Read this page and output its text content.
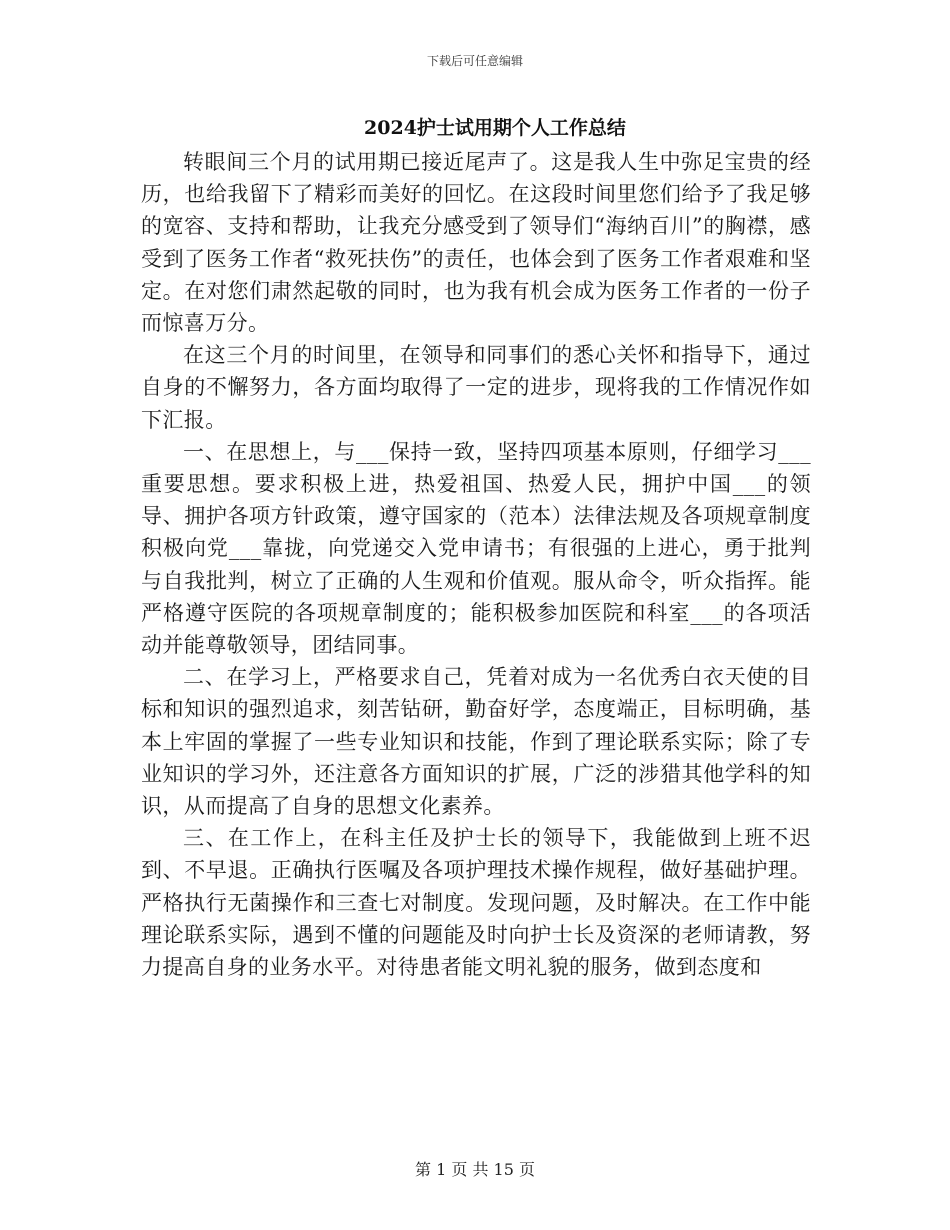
下载后可任意编辑
2024护士试用期个人工作总结

转眼间三个月的试用期已接近尾声了。这是我人生中弥足宝贵的经历，也给我留下了精彩而美好的回忆。在这段时间里您们给予了我足够的宽容、支持和帮助，让我充分感受到了领导们“海纳百川”的胸襟，感受到了医务工作者“救死扶伤”的责任，也体会到了医务工作者艰难和坚定。在对您们肃然起敬的同时，也为我有机会成为医务工作者的一份子而惊喜万分。

在这三个月的时间里，在领导和同事们的悉心关怀和指导下，通过自身的不懈努力，各方面均取得了一定的进步，现将我的工作情况作如下汇报。

一、在思想上，与___保持一致，坚持四项基本原则，仔细学习___重要思想。要求积极上进，热爱祖国、热爱人民，拥护中国___的领导、拥护各项方针政策，遵守国家的（范本）法律法规及各项规章制度积极向党___靠拢，向党递交入党申请书；有很强的上进心，勇于批判与自我批判，树立了正确的人生观和价值观。服从命令，听众指挥。能严格遵守医院的各项规章制度的；能积极参加医院和科室___的各项活动并能尊敬领导，团结同事。

二、在学习上，严格要求自己，凭着对成为一名优秀白衣天使的目标和知识的强烈追求，刻苦钻研，勤奋好学，态度端正，目标明确，基本上牢固的掌握了一些专业知识和技能，作到了理论联系实际；除了专业知识的学习外，还注意各方面知识的扩展，广泛的涉猎其他学科的知识，从而提高了自身的思想文化素养。

三、在工作上，在科主任及护士长的领导下，我能做到上班不迟到、不早退。正确执行医嘱及各项护理技术操作规程，做好基础护理。严格执行无菌操作和三查七对制度。发现问题，及时解决。在工作中能理论联系实际，遇到不懂的问题能及时向护士长及资深的老师请教，努力提高自身的业务水平。对待患者能文明礼貌的服务，做到态度和

第 1 页 共 15 页
